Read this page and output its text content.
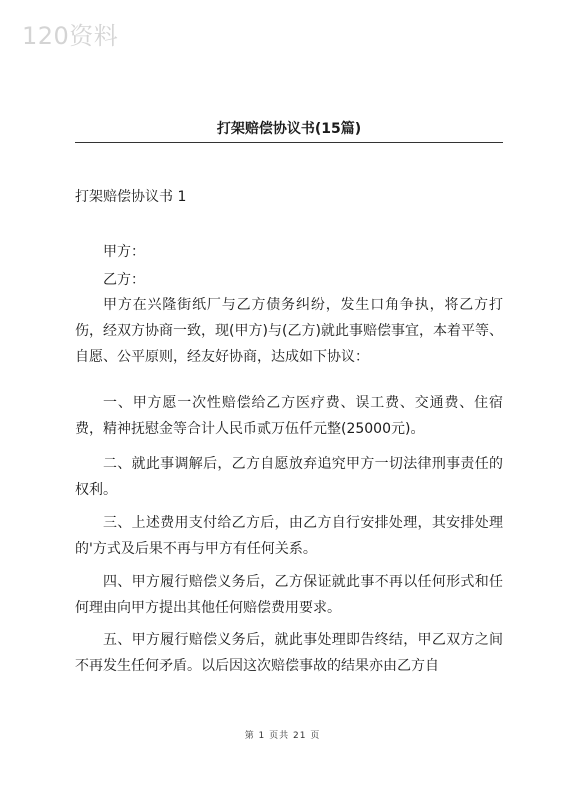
120资料
打架赔偿协议书(15篇)
打架赔偿协议书 1

甲方：

乙方：

甲方在兴隆街纸厂与乙方债务纠纷，发生口角争执，将乙方打伤，经双方协商一致，现(甲方)与(乙方)就此事赔偿事宜，本着平等、自愿、公平原则，经友好协商，达成如下协议：

一、甲方愿一次性赔偿给乙方医疗费、误工费、交通费、住宿费，精神抚慰金等合计人民币贰万伍仟元整(25000元)。

二、就此事调解后，乙方自愿放弃追究甲方一切法律刑事责任的权利。

三、上述费用支付给乙方后，由乙方自行安排处理，其安排处理的'方式及后果不再与甲方有任何关系。

四、甲方履行赔偿义务后，乙方保证就此事不再以任何形式和任何理由向甲方提出其他任何赔偿费用要求。

五、甲方履行赔偿义务后，就此事处理即告终结，甲乙双方之间不再发生任何矛盾。以后因这次赔偿事故的结果亦由乙方自

第 1 页共 21 页
